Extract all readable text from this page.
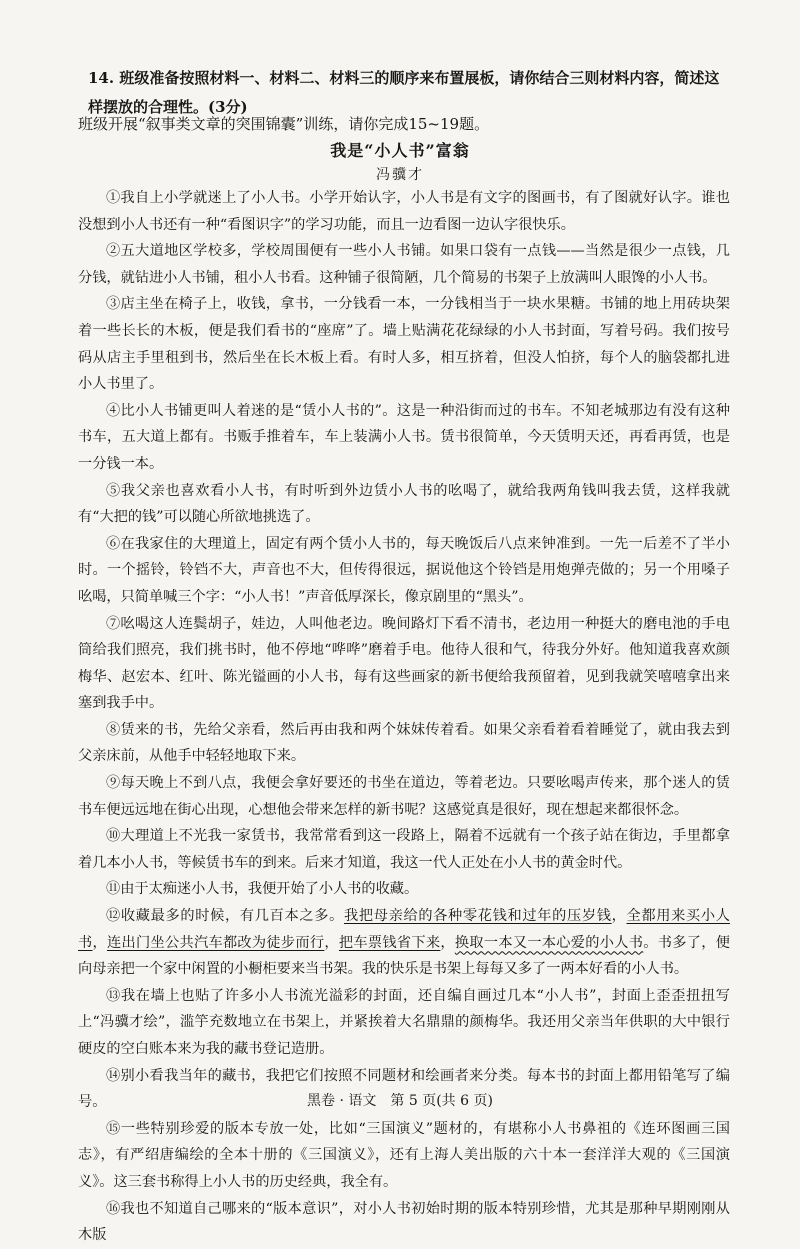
14. 班级准备按照材料一、材料二、材料三的顺序来布置展板，请你结合三则材料内容，简述这样摆放的合理性。(3分)
班级开展“叙事类文章的突围锦囊”训练，请你完成15~19题。
我是“小人书”富翁
冯骥才

①我自上小学就迷上了小人书。小学开始认字，小人书是有文字的图画书，有了图就好认字。谁也没想到小人书还有一种“看图识字”的学习功能，而且一边看图一边认字很快乐。

②五大道地区学校多，学校周围便有一些小人书铺。如果口袋有一点钱——当然是很少一点钱，几分钱，就钻进小人书铺，租小人书看。这种铺子很简陋，几个简易的书架子上放满叫人眼馋的小人书。

③店主坐在椅子上，收钱，拿书，一分钱看一本，一分钱相当于一块水果糖。书铺的地上用砖块架着一些长长的木板，便是我们看书的“座席”了。墙上贴满花花绿绿的小人书封面，写着号码。我们按号码从店主手里租到书，然后坐在长木板上看。有时人多，相互挤着，但没人怕挤，每个人的脑袋都扎进小人书里了。

④比小人书铺更叫人着迷的是“赁小人书的”。这是一种沿街而过的书车。不知老城那边有没有这种书车，五大道上都有。书贩手推着车，车上装满小人书。赁书很简单，今天赁明天还，再看再赁，也是一分钱一本。

⑤我父亲也喜欢看小人书，有时听到外边赁小人书的吆喝了，就给我两角钱叫我去赁，这样我就有“大把的钱”可以随心所欲地挑选了。

⑥在我家住的大理道上，固定有两个赁小人书的，每天晚饭后八点来钟准到。一先一后差不了半小时。一个摇铃，铃铛不大，声音也不大，但传得很远，据说他这个铃铛是用炮弹壳做的；另一个用嗓子吆喝，只简单喊三个字：“小人书！”声音低厚深长，像京剧里的“黑头”。

⑦吆喝这人连鬓胡子，娃边，人叫他老边。晚间路灯下看不清书，老边用一种挺大的磨电池的手电筒给我们照亮，我们挑书时，他不停地“哗哗”磨着手电。他待人很和气，待我分外好。他知道我喜欢颜梅华、赵宏本、红叶、陈光镒画的小人书，每有这些画家的新书便给我预留着，见到我就笑嘻嘻拿出来塞到我手中。

⑧赁来的书，先给父亲看，然后再由我和两个妹妹传着看。如果父亲看着看着睡觉了，就由我去到父亲床前，从他手中轻轻地取下来。

⑨每天晚上不到八点，我便会拿好要还的书坐在道边，等着老边。只要吆喝声传来，那个迷人的赁书车便远远地在街心出现，心想他会带来怎样的新书呢？这感觉真是很好，现在想起来都很怀念。

⑩大理道上不光我一家赁书，我常常看到这一段路上，隔着不远就有一个孩子站在街边，手里都拿着几本小人书，等候赁书车的到来。后来才知道，我这一代人正处在小人书的黄金时代。

⑪由于太痴迷小人书，我便开始了小人书的收藏。

⑫收藏最多的时候，有几百本之多。我把母亲给的各种零花钱和过年的压岁钱，全都用来买小人书，连出门坐公共汽车都改为徒步而行，把车票钱省下来，换取一本又一本心爱的小人书。书多了，便向母亲把一个家中闲置的小橱柜要来当书架。我的快乐是书架上每每又多了一两本好看的小人书。

⑬我在墙上也贴了许多小人书流光溢彩的封面，还自编自画过几本“小人书”，封面上歪歪扭扭写上“冯骥才绘”，滥竽充数地立在书架上，并紧挨着大名鼎鼎的颜梅华。我还用父亲当年供职的大中银行硬皮的空白账本来为我的藏书登记造册。

⑭别小看我当年的藏书，我把它们按照不同题材和绘画者来分类。每本书的封面上都用铅笔写了编号。

⑮一些特别珍爱的版本专放一处，比如“三国演义”题材的，有堪称小人书鼻祖的《连环图画三国志》，有严绍唐编绘的全本十册的《三国演义》，还有上海人美出版的六十本一套洋洋大观的《三国演义》。这三套书称得上小人书的历史经典，我全有。

⑯我也不知道自己哪来的“版本意识”，对小人书初始时期的版本特别珍惜，尤其是那种早期刚刚从木版

黑卷 · 语文　第 5 页(共 6 页)
